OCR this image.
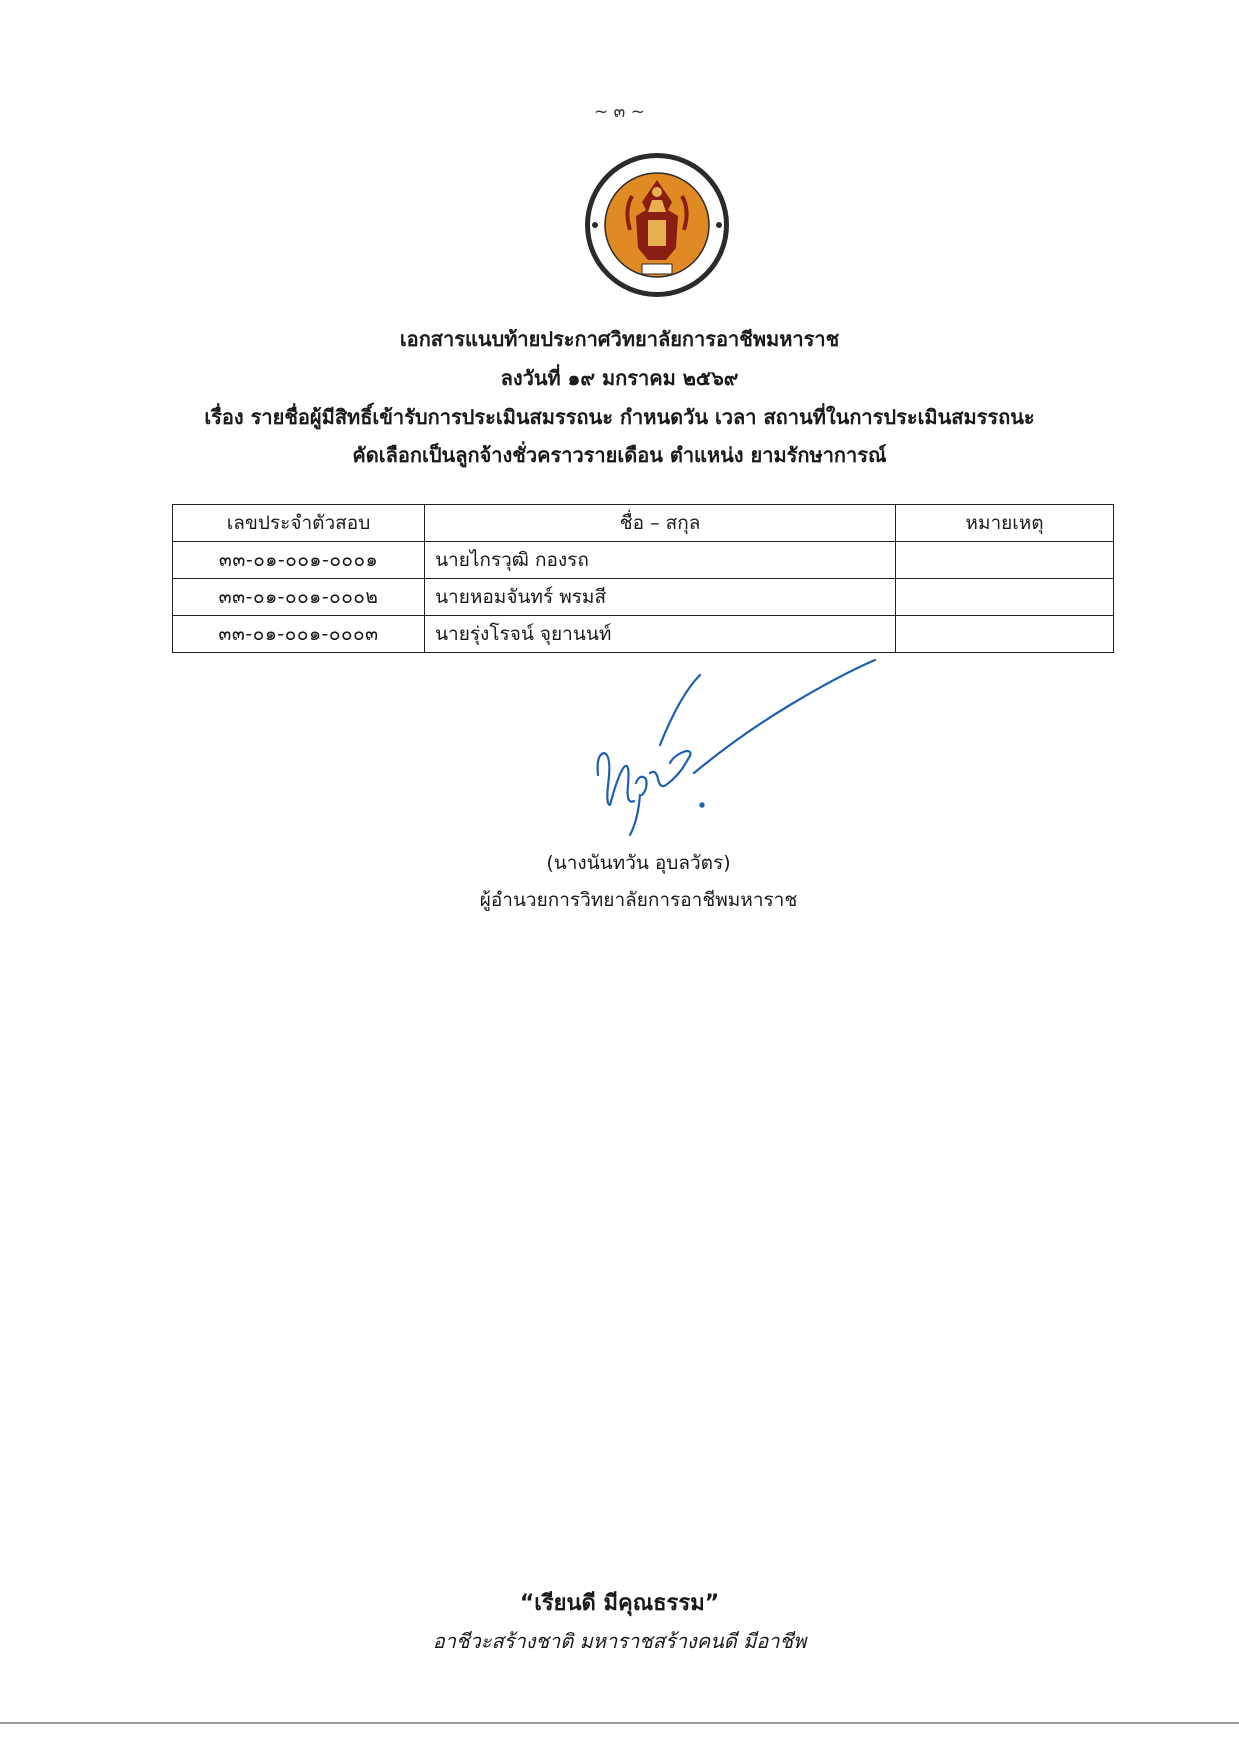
~ ๓ ~
เอกสารแนบท้ายประกาศวิทยาลัยการอาชีพมหาราช
ลงวันที่ ๑๙ มกราคม ๒๕๖๙
เรื่อง รายชื่อผู้มีสิทธิ์เข้ารับการประเมินสมรรถนะ กำหนดวัน เวลา สถานที่ในการประเมินสมรรถนะ
คัดเลือกเป็นลูกจ้างชั่วคราวรายเดือน ตำแหน่ง ยามรักษาการณ์
เลขประจำตัวสอบ	ชื่อ – สกุล	หมายเหตุ
๓๓-๐๑-๐๐๑-๐๐๐๑	นายไกรวุฒิ กองรถ	
๓๓-๐๑-๐๐๑-๐๐๐๒	นายหอมจันทร์ พรมสี	
๓๓-๐๑-๐๐๑-๐๐๐๓	นายรุ่งโรจน์ จุยานนท์	
(นางนันทวัน อุบลวัตร)
ผู้อำนวยการวิทยาลัยการอาชีพมหาราช
“เรียนดี มีคุณธรรม”
อาชีวะสร้างชาติ มหาราชสร้างคนดี มีอาชีพ
